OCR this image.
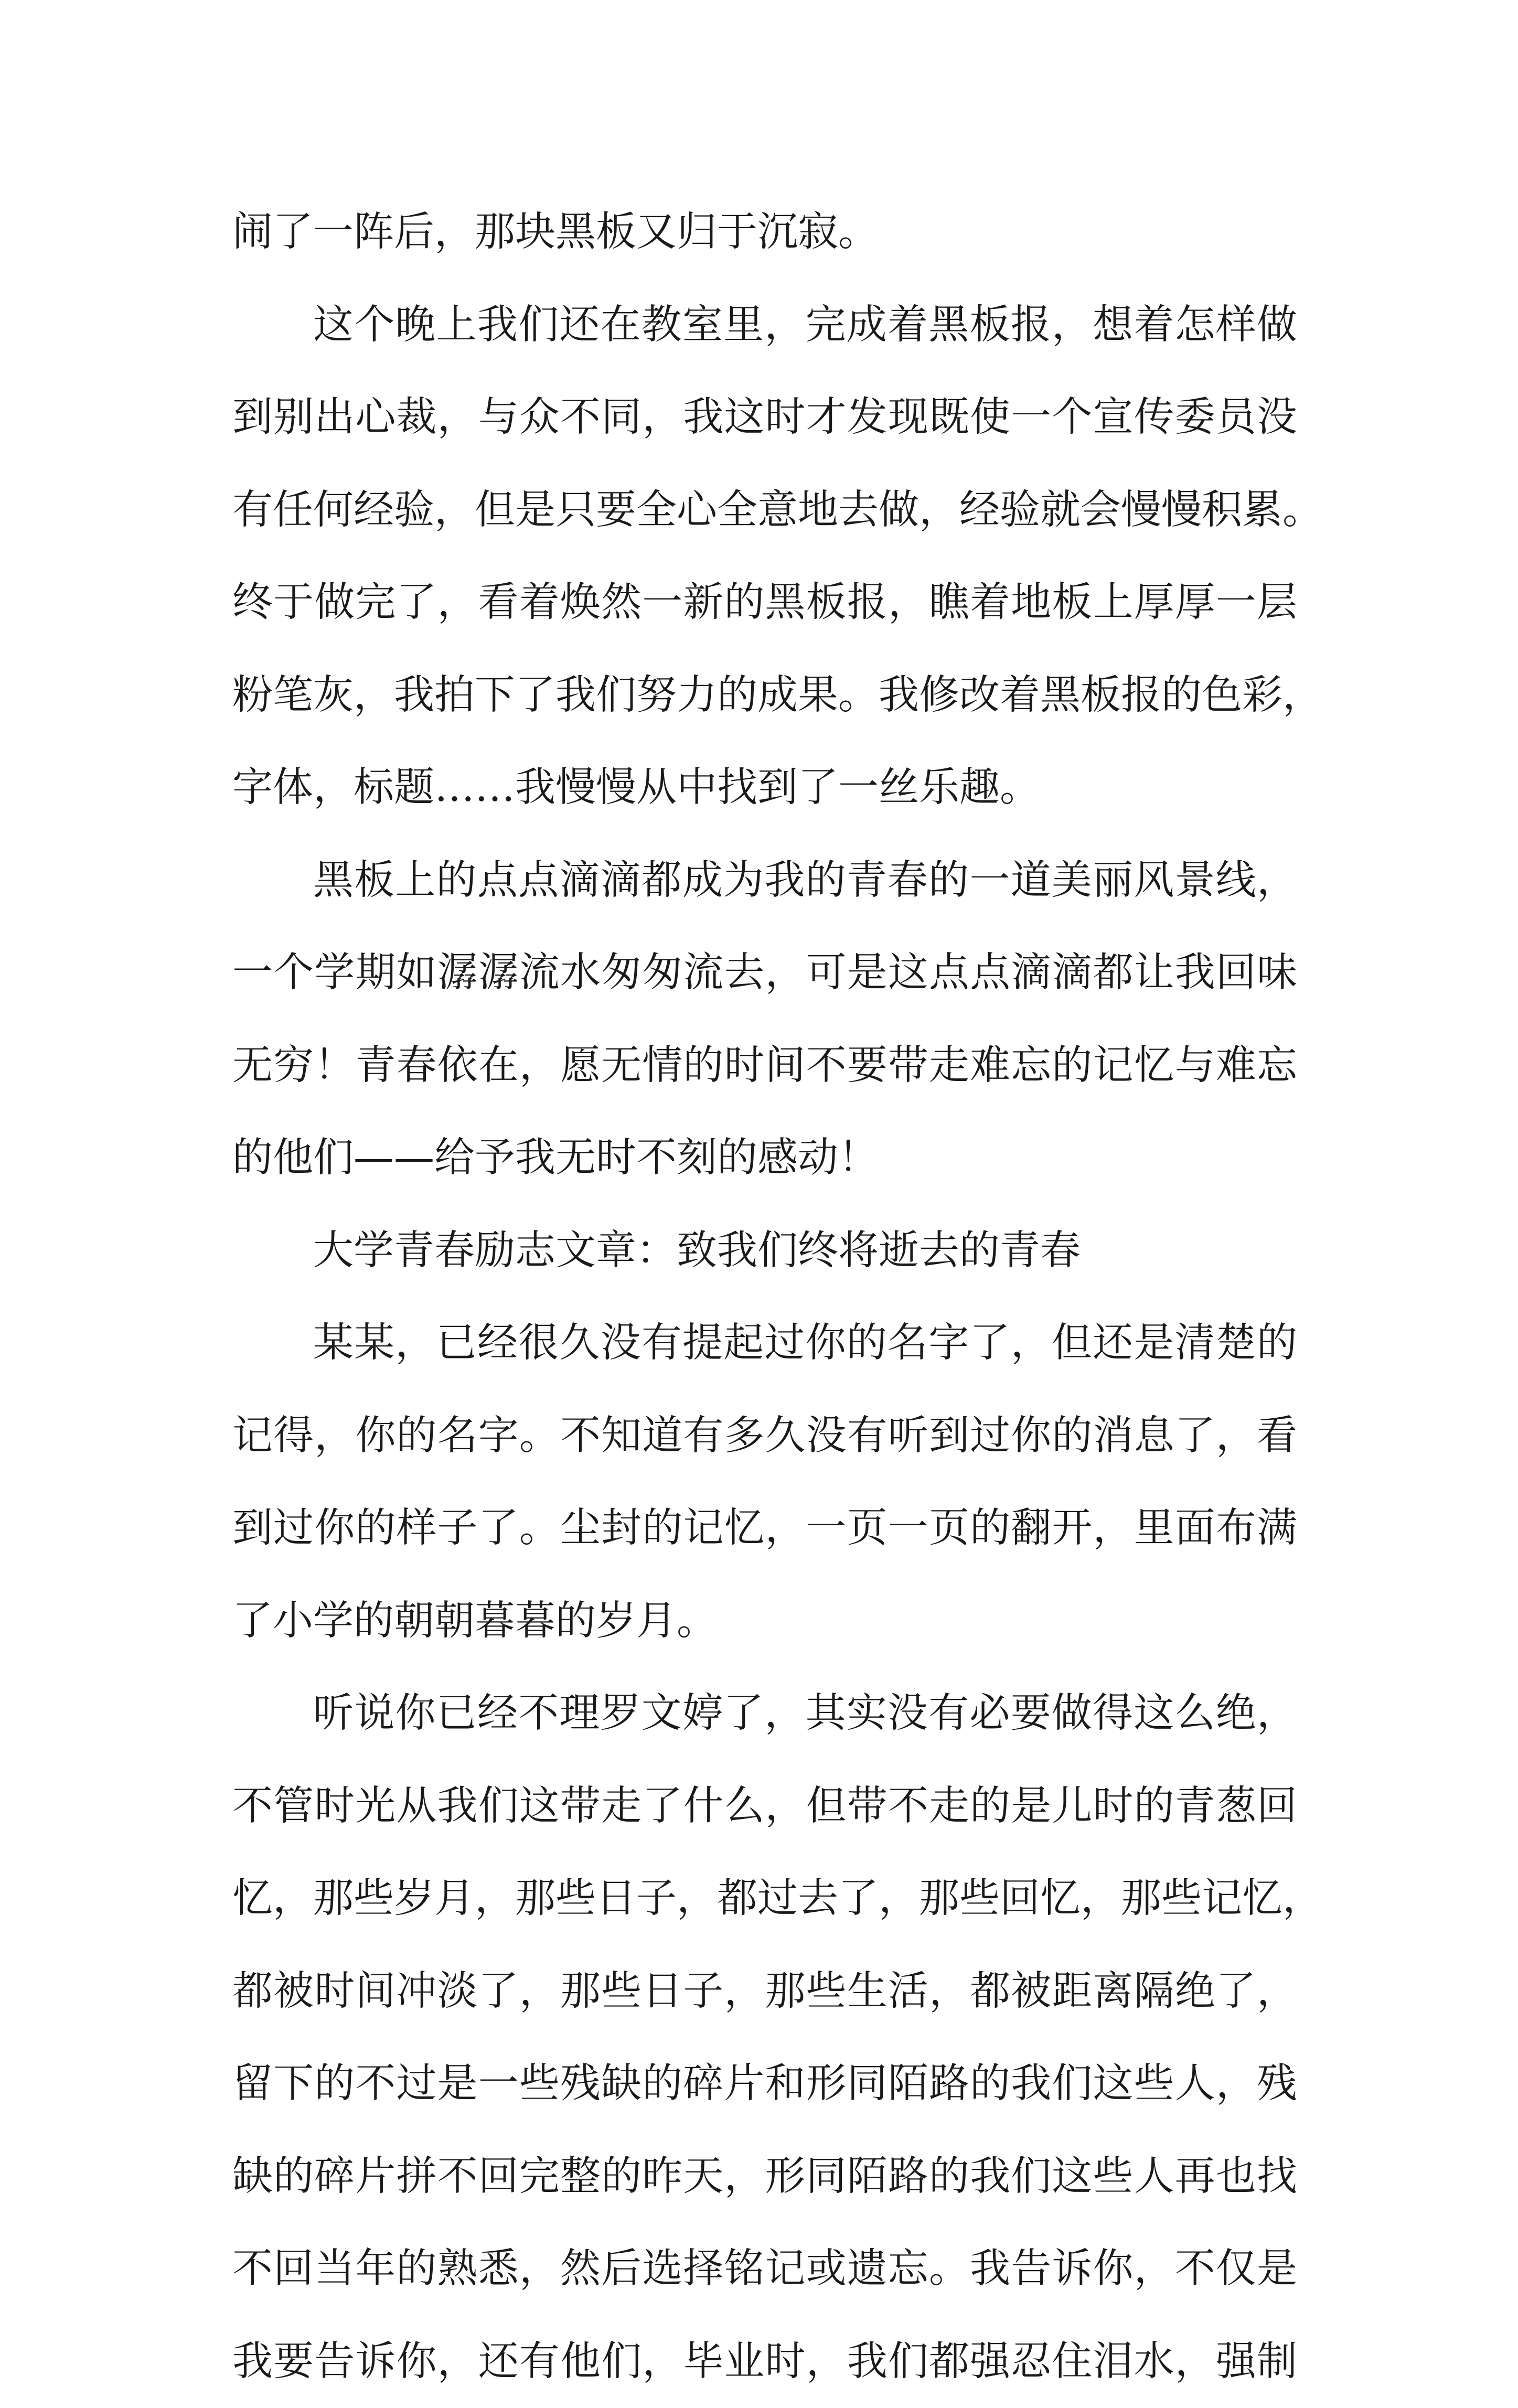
闹了一阵后，那块黑板又归于沉寂。
这个晚上我们还在教室里，完成着黑板报，想着怎样做
到别出心裁，与众不同，我这时才发现既使一个宣传委员没
有任何经验，但是只要全心全意地去做，经验就会慢慢积累。
终于做完了，看着焕然一新的黑板报，瞧着地板上厚厚一层
粉笔灰，我拍下了我们努力的成果。我修改着黑板报的色彩，
字体，标题……我慢慢从中找到了一丝乐趣。
黑板上的点点滴滴都成为我的青春的一道美丽风景线，
一个学期如潺潺流水匆匆流去，可是这点点滴滴都让我回味
无穷！青春依在，愿无情的时间不要带走难忘的记忆与难忘
的他们——给予我无时不刻的感动！
大学青春励志文章：致我们终将逝去的青春
某某，已经很久没有提起过你的名字了，但还是清楚的
记得，你的名字。不知道有多久没有听到过你的消息了，看
到过你的样子了。尘封的记忆，一页一页的翻开，里面布满
了小学的朝朝暮暮的岁月。
听说你已经不理罗文婷了，其实没有必要做得这么绝，
不管时光从我们这带走了什么，但带不走的是儿时的青葱回
忆，那些岁月，那些日子，都过去了，那些回忆，那些记忆，
都被时间冲淡了，那些日子，那些生活，都被距离隔绝了，
留下的不过是一些残缺的碎片和形同陌路的我们这些人，残
缺的碎片拼不回完整的昨天，形同陌路的我们这些人再也找
不回当年的熟悉，然后选择铭记或遗忘。我告诉你，不仅是
我要告诉你，还有他们，毕业时，我们都强忍住泪水，强制
